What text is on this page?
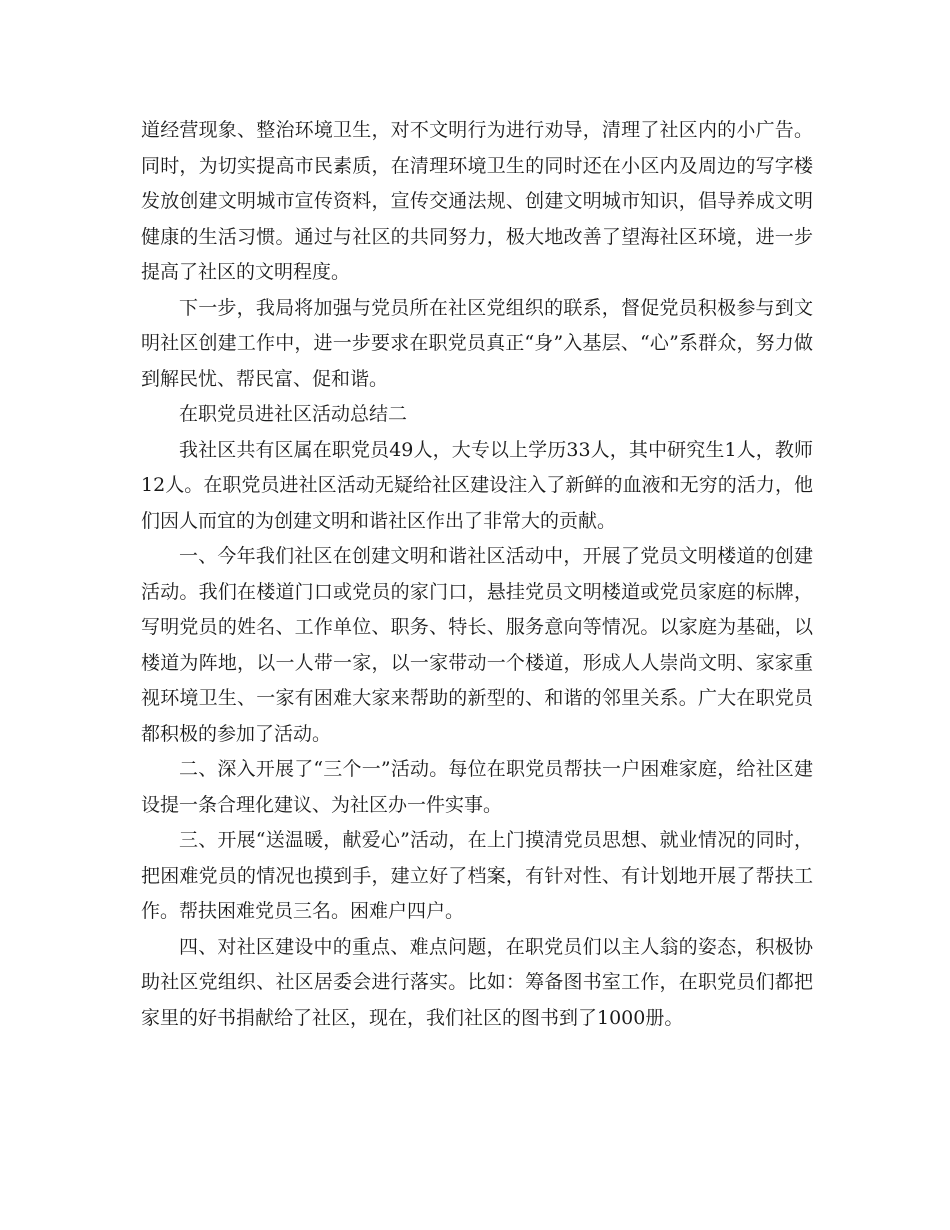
道经营现象、整治环境卫生，对不文明行为进行劝导，清理了社区内的小广告。同时，为切实提高市民素质，在清理环境卫生的同时还在小区内及周边的写字楼发放创建文明城市宣传资料，宣传交通法规、创建文明城市知识，倡导养成文明健康的生活习惯。通过与社区的共同努力，极大地改善了望海社区环境，进一步提高了社区的文明程度。

下一步，我局将加强与党员所在社区党组织的联系，督促党员积极参与到文明社区创建工作中，进一步要求在职党员真正“身”入基层、“心”系群众，努力做到解民忧、帮民富、促和谐。

在职党员进社区活动总结二

我社区共有区属在职党员49人，大专以上学历33人，其中研究生1人，教师12人。在职党员进社区活动无疑给社区建设注入了新鲜的血液和无穷的活力，他们因人而宜的为创建文明和谐社区作出了非常大的贡献。

一、今年我们社区在创建文明和谐社区活动中，开展了党员文明楼道的创建活动。我们在楼道门口或党员的家门口，悬挂党员文明楼道或党员家庭的标牌，写明党员的姓名、工作单位、职务、特长、服务意向等情况。以家庭为基础，以楼道为阵地，以一人带一家，以一家带动一个楼道，形成人人崇尚文明、家家重视环境卫生、一家有困难大家来帮助的新型的、和谐的邻里关系。广大在职党员都积极的参加了活动。

二、深入开展了“三个一”活动。每位在职党员帮扶一户困难家庭，给社区建设提一条合理化建议、为社区办一件实事。

三、开展“送温暖，献爱心”活动，在上门摸清党员思想、就业情况的同时，把困难党员的情况也摸到手，建立好了档案，有针对性、有计划地开展了帮扶工作。帮扶困难党员三名。困难户四户。

四、对社区建设中的重点、难点问题，在职党员们以主人翁的姿态，积极协助社区党组织、社区居委会进行落实。比如：筹备图书室工作，在职党员们都把家里的好书捐献给了社区，现在，我们社区的图书到了1000册。
